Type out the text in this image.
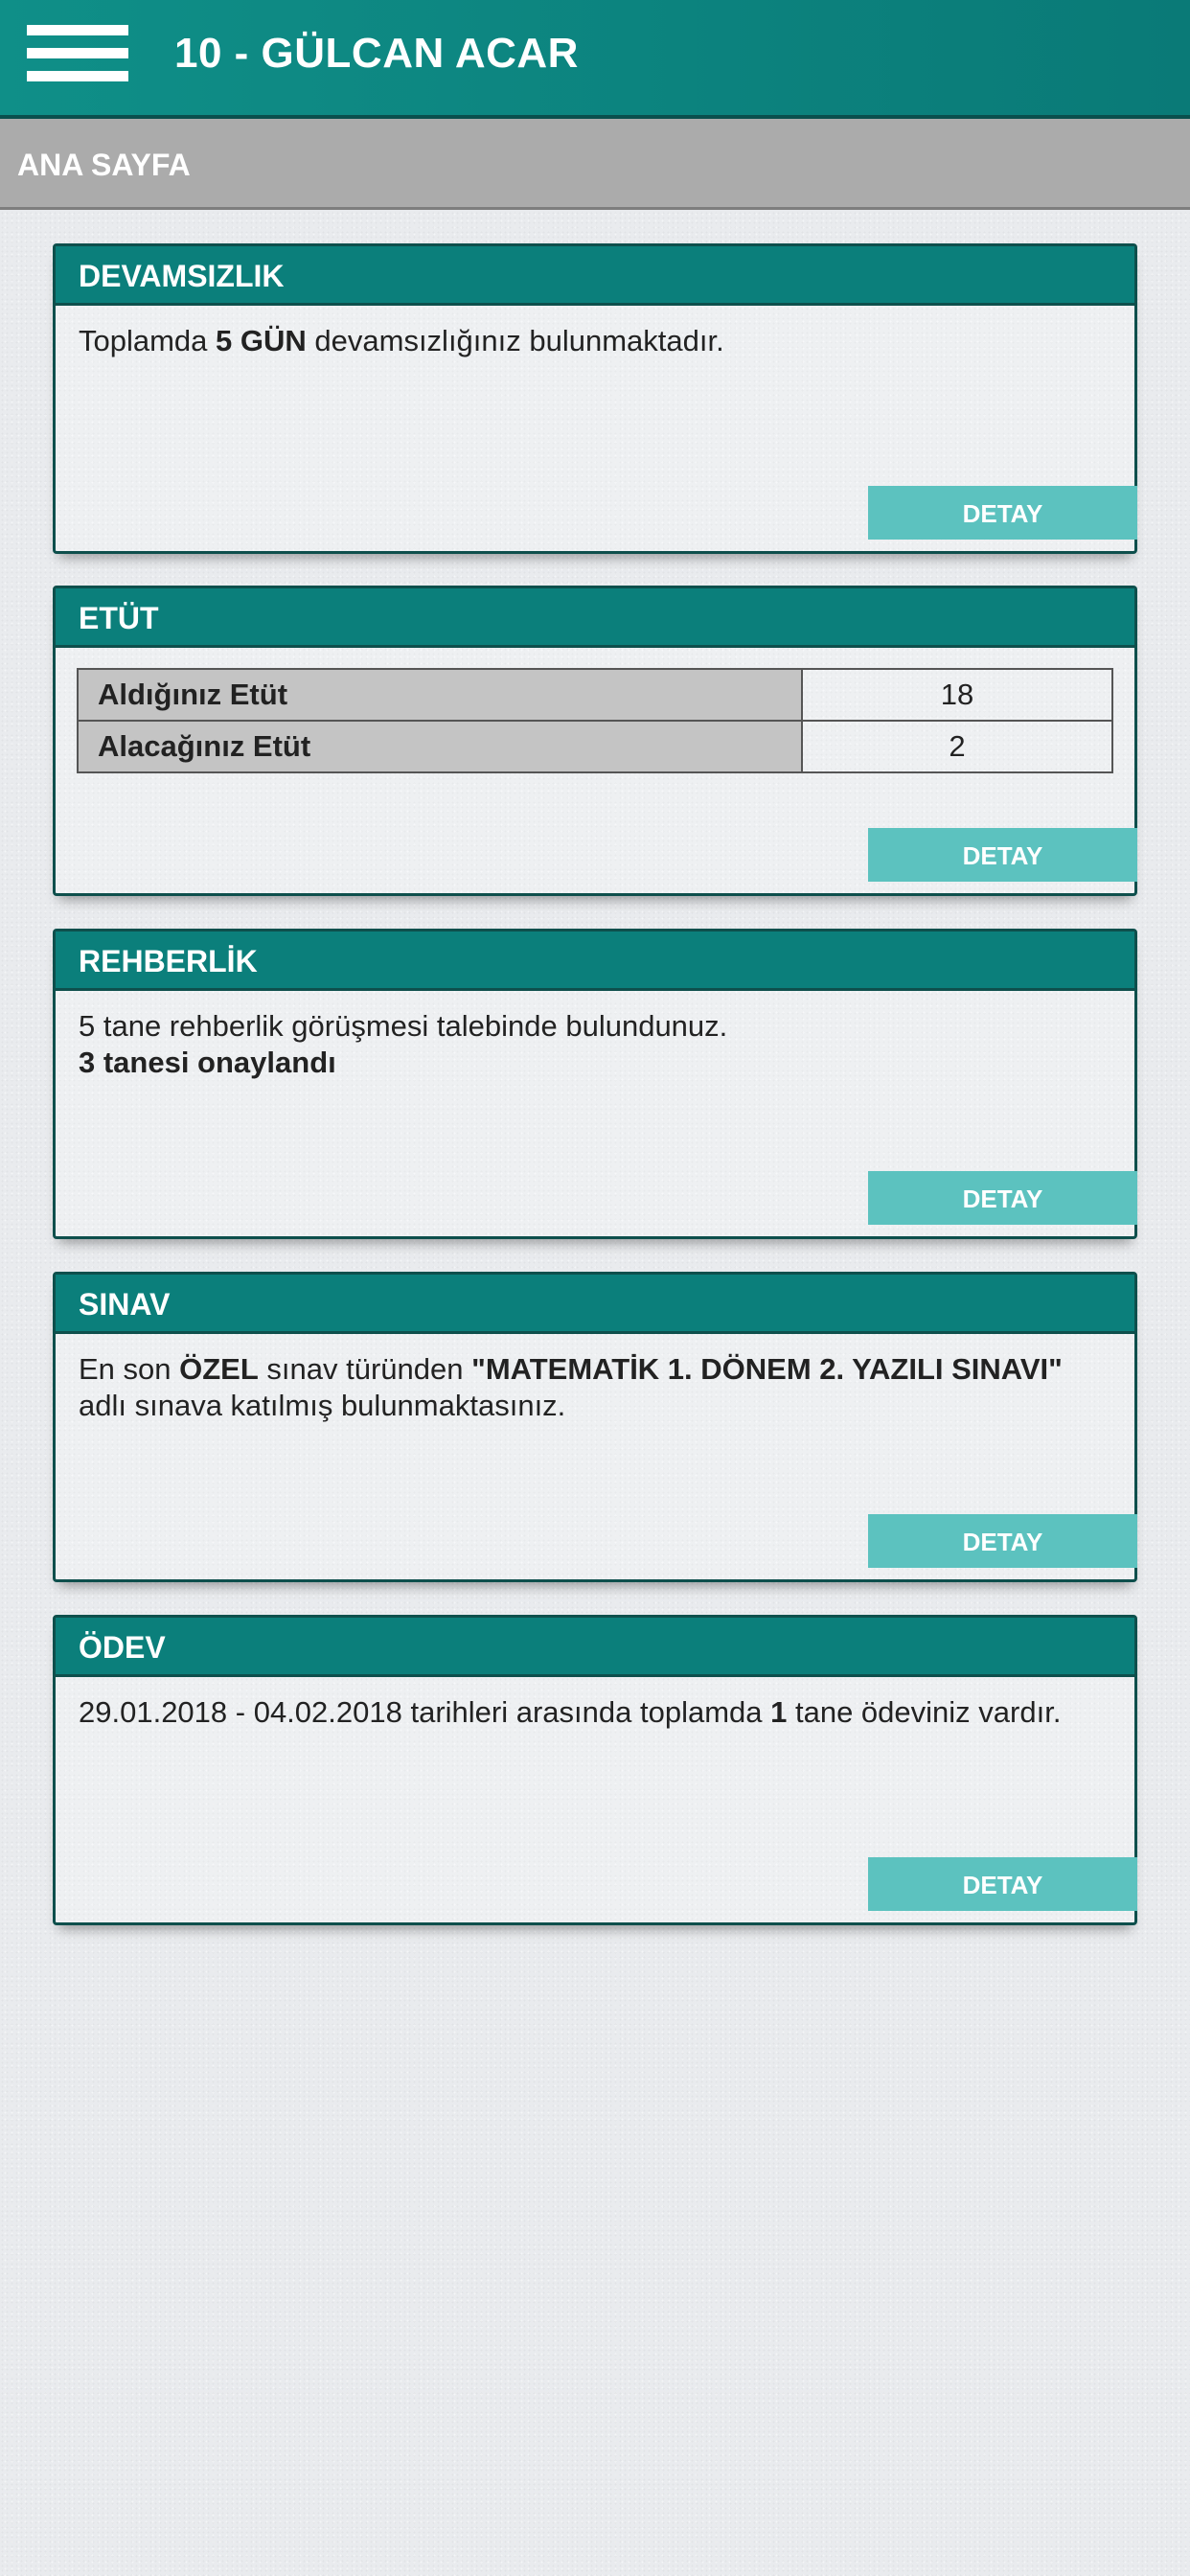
10 - GÜLCAN ACAR
ANA SAYFA
DEVAMSIZLIK
Toplamda 5 GÜN devamsızlığınız bulunmaktadır.
DETAY
ETÜT
Aldığınız Etüt	18
Alacağınız Etüt	2
DETAY
REHBERLİK
5 tane rehberlik görüşmesi talebinde bulundunuz.
3 tanesi onaylandı
DETAY
SINAV
En son ÖZEL sınav türünden "MATEMATİK 1. DÖNEM 2. YAZILI SINAVI" adlı sınava katılmış bulunmaktasınız.
DETAY
ÖDEV
29.01.2018 - 04.02.2018 tarihleri arasında toplamda 1 tane ödeviniz vardır.
DETAY
